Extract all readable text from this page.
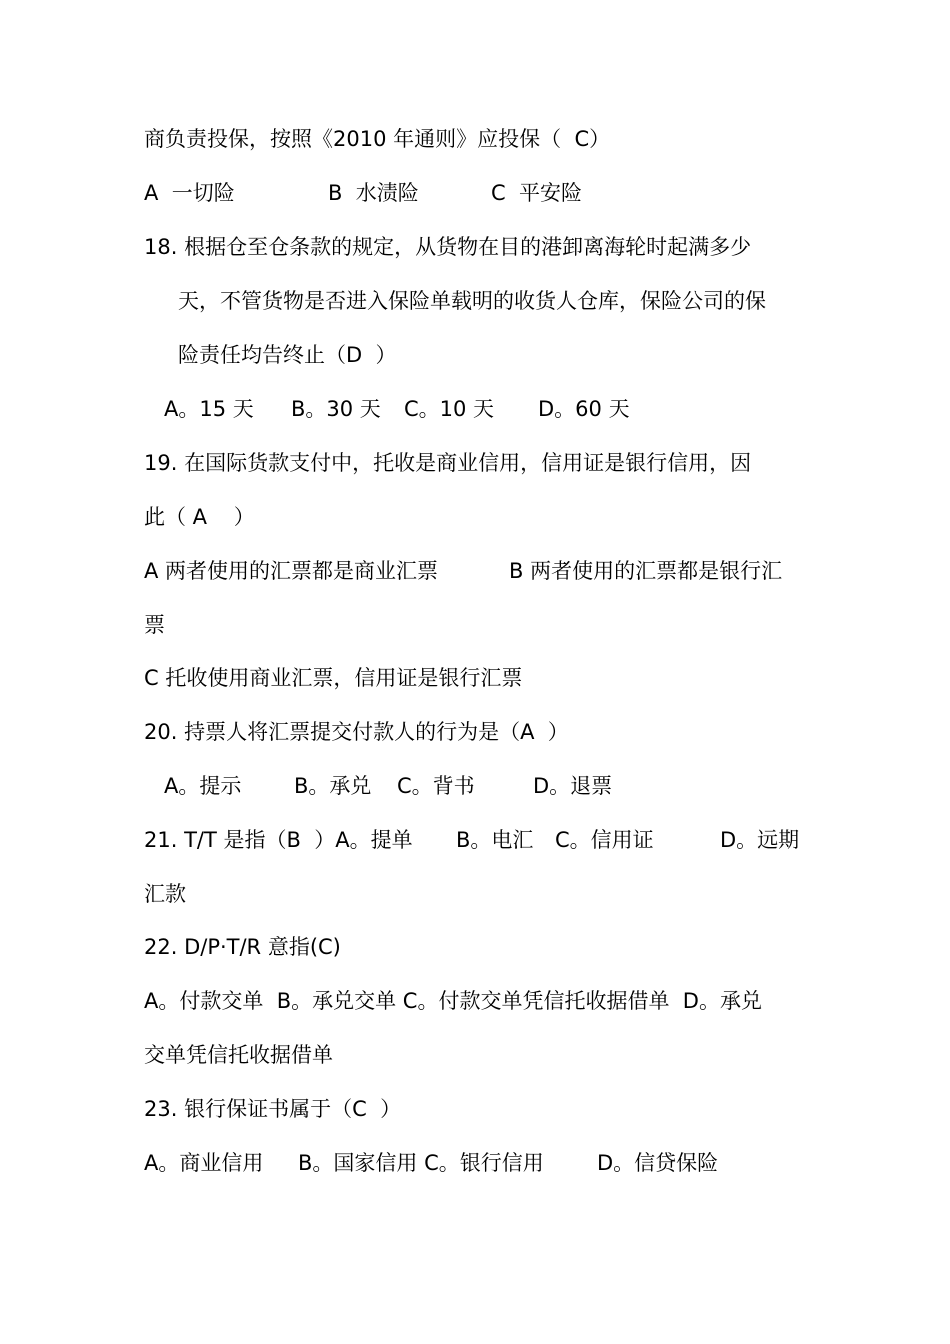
商负责投保，按照《2010 年通则》应投保（  C）
A  一切险	B  水渍险	C  平安险
18. 根据仓至仓条款的规定，从货物在目的港卸离海轮时起满多少
天，不管货物是否进入保险单载明的收货人仓库，保险公司的保
险责任均告终止（D  ）
A。15 天 B。30 天 C。10 天 D。60 天
19. 在国际货款支付中，托收是商业信用，信用证是银行信用，因
此（ A    ）
A 两者使用的汇票都是商业汇票	B 两者使用的汇票都是银行汇
票
C 托收使用商业汇票，信用证是银行汇票
20. 持票人将汇票提交付款人的行为是（A  ）
A。提示	B。承兑 C。背书	D。退票
21. T/T 是指（B  ）A。提单 B。电汇 C。信用证	D。远期
汇款
22. D/P·T/R 意指(C)
A。付款交单  B。承兑交单 C。付款交单凭信托收据借单  D。承兑
交单凭信托收据借单
23. 银行保证书属于（C  ）
A。商业信用 B。国家信用 C。银行信用	D。信贷保险
